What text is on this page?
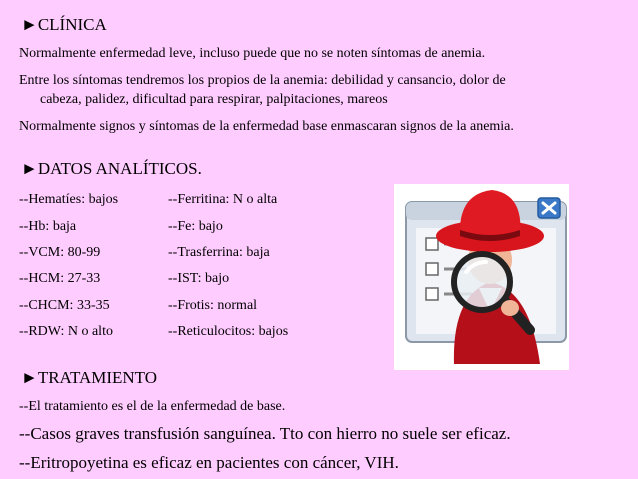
►CLÍNICA
Normalmente enfermedad leve, incluso puede que no se noten síntomas de anemia.
Entre los síntomas tendremos los propios de la anemia: debilidad y cansancio, dolor de
cabeza, palidez, dificultad para respirar, palpitaciones, mareos
Normalmente signos y síntomas de la enfermedad base enmascaran signos de la anemia.
►DATOS ANALÍTICOS.
--Hematíes: bajos
--Hb: baja
--VCM: 80-99
--HCM: 27-33
--CHCM: 33-35
--RDW: N o alto
--Ferritina: N o alta
--Fe: bajo
--Trasferrina: baja
--IST: bajo
--Frotis: normal
--Reticulocitos: bajos
►TRATAMIENTO
--El tratamiento es el de la enfermedad de base.
--Casos graves transfusión sanguínea. Tto con hierro no suele ser eficaz.
--Eritropoyetina es eficaz en pacientes con cáncer, VIH.
